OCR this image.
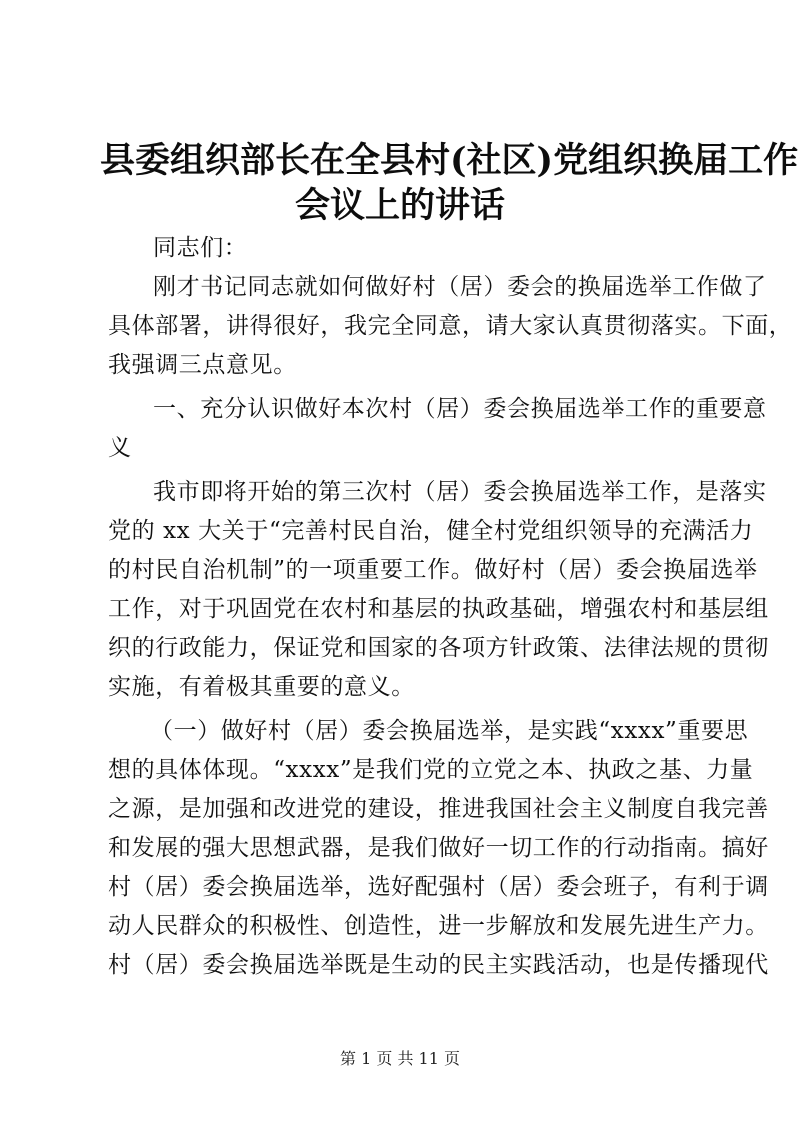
县委组织部长在全县村(社区)党组织换届工作
会议上的讲话
同志们：
刚才书记同志就如何做好村（居）委会的换届选举工作做了
具体部署，讲得很好，我完全同意，请大家认真贯彻落实。下面，
我强调三点意见。
一、充分认识做好本次村（居）委会换届选举工作的重要意
义
我市即将开始的第三次村（居）委会换届选举工作，是落实
党的 xx 大关于“完善村民自治，健全村党组织领导的充满活力
的村民自治机制”的一项重要工作。做好村（居）委会换届选举
工作，对于巩固党在农村和基层的执政基础，增强农村和基层组
织的行政能力，保证党和国家的各项方针政策、法律法规的贯彻
实施，有着极其重要的意义。
（一）做好村（居）委会换届选举，是实践“xxxx”重要思
想的具体体现。“xxxx”是我们党的立党之本、执政之基、力量
之源，是加强和改进党的建设，推进我国社会主义制度自我完善
和发展的强大思想武器，是我们做好一切工作的行动指南。搞好
村（居）委会换届选举，选好配强村（居）委会班子，有利于调
动人民群众的积极性、创造性，进一步解放和发展先进生产力。
村（居）委会换届选举既是生动的民主实践活动，也是传播现代
第 1 页 共 11 页
